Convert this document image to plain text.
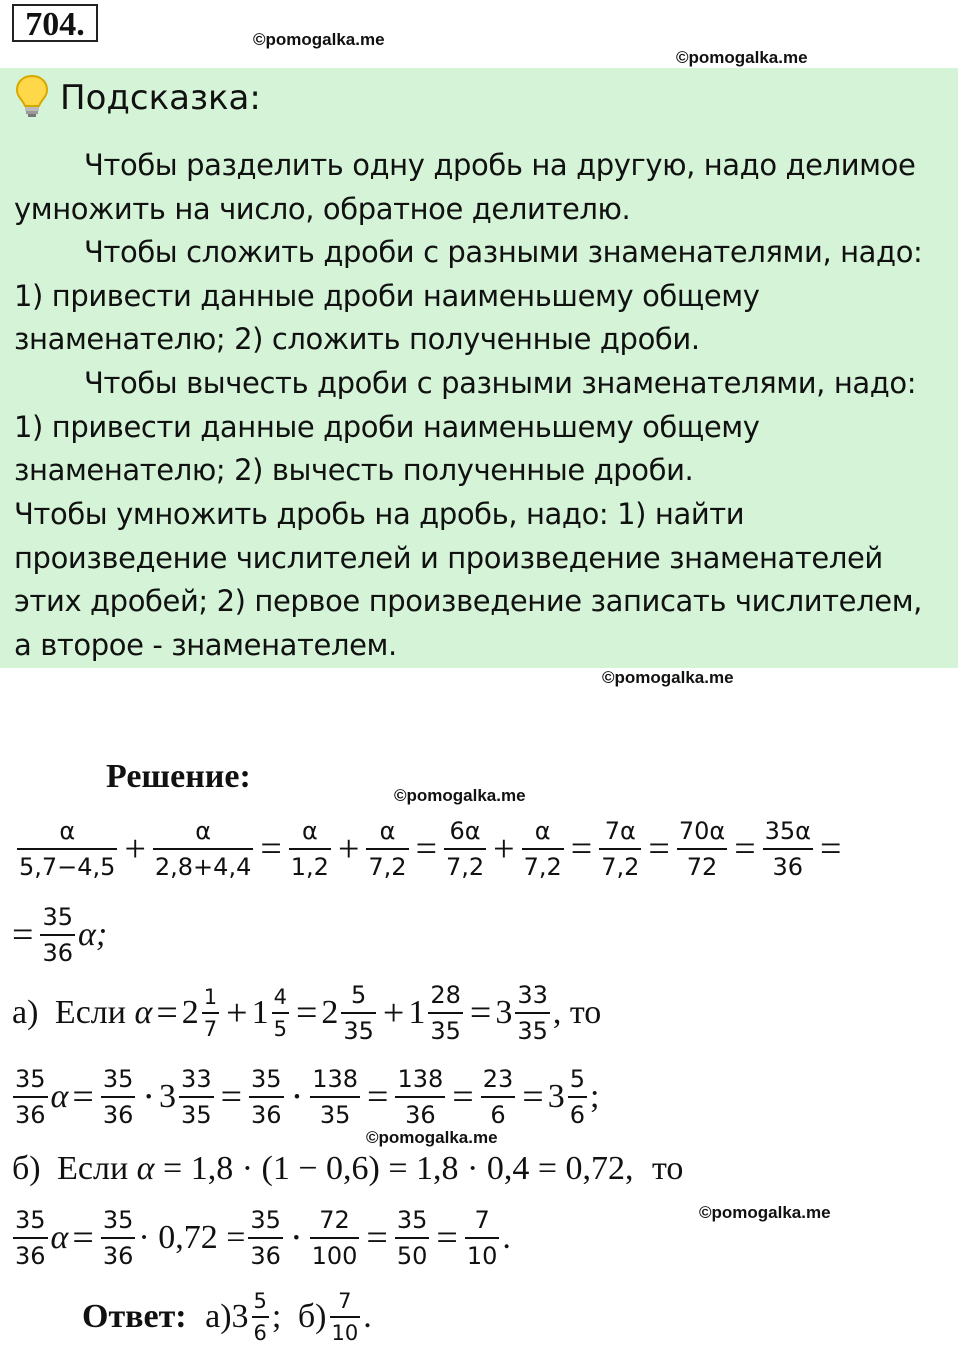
704.	©pomogalka.me
©pomogalka.me
Подсказка:
Чтобы разделить одну дробь на другую, надо делимое
умножить на число, обратное делителю.
Чтобы сложить дроби с разными знаменателями, надо:
1) привести данные дроби наименьшему общему
знаменателю; 2) сложить полученные дроби.
Чтобы вычесть дроби с разными знаменателями, надо:
1) привести данные дроби наименьшему общему
знаменателю; 2) вычесть полученные дроби.
Чтобы умножить дробь на дробь, надо: 1) найти
произведение числителей и произведение знаменателей
этих дробей; 2) первое произведение записать числителем,
а второе - знаменателем.
©pomogalka.me
Решение:
©pomogalka.me
$\frac{\alpha}{5,7-4,5} + \frac{\alpha}{2,8+4,4} = \frac{\alpha}{1,2} + \frac{\alpha}{7,2} = \frac{6\alpha}{7,2} + \frac{\alpha}{7,2} = \frac{7\alpha}{7,2} = \frac{70\alpha}{72} = \frac{35\alpha}{36}$ =
= $\frac{35}{36} \alpha$;
а) Если $\alpha = 2 \frac{1}{7} + 1 \frac{4}{5} = 2 \frac{5}{35} + 1 \frac{28}{35} = 3 \frac{33}{35}$ , то
$\frac{35}{36}$ $\alpha = \frac{35}{36} \cdot 3 \frac{33}{35} = \frac{35}{36} \cdot \frac{138}{35} = \frac{138}{36} = \frac{23}{6} = 3 \frac{5}{6}$ ;
©pomogalka.me
б) Если α = 1,8 · (1 − 0,6) = 1,8 · 0,4 = 0,72, то
©pomogalka.me
$\frac{35}{36}$ $\alpha = \frac{35}{36} \cdot 0,72 = \frac{35}{36} \cdot \frac{72}{100} = \frac{35}{50} = \frac{7}{10}$ .
Ответ: $а)3 \frac{5}{6}$ ; $б) \frac{7}{10}$ .
